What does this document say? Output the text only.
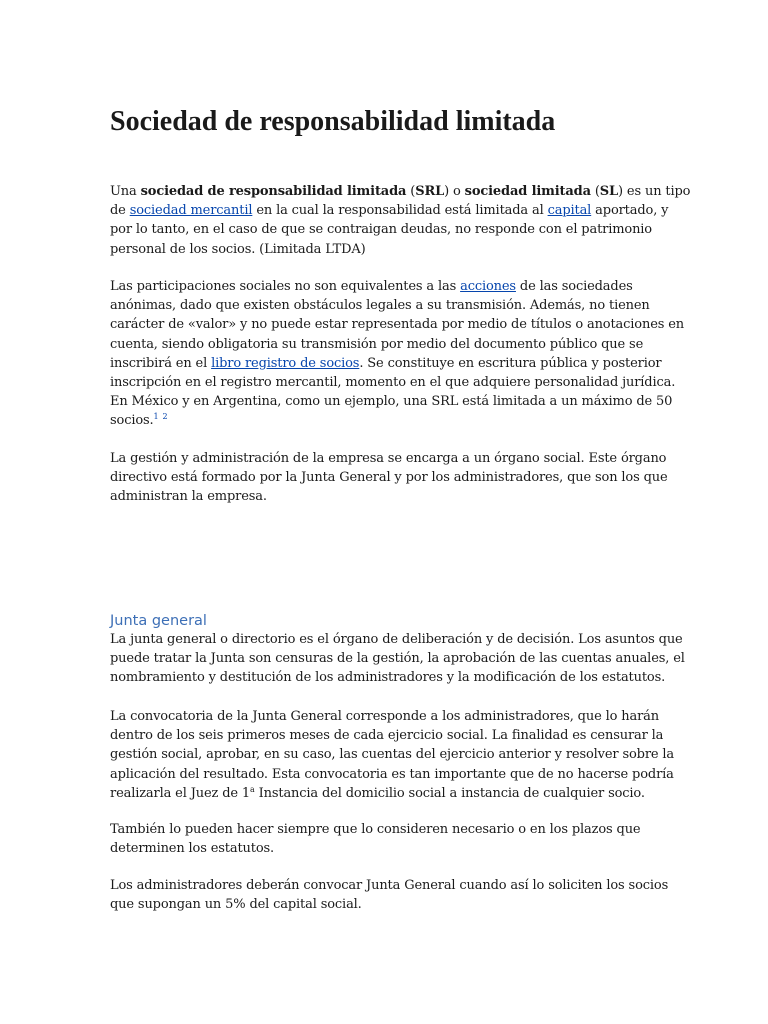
Sociedad de responsabilidad limitada

Una sociedad de responsabilidad limitada (SRL) o sociedad limitada (SL) es un tipo
de sociedad mercantil en la cual la responsabilidad está limitada al capital aportado, y
por lo tanto, en el caso de que se contraigan deudas, no responde con el patrimonio
personal de los socios. (Limitada LTDA)

Las participaciones sociales no son equivalentes a las acciones de las sociedades
anónimas, dado que existen obstáculos legales a su transmisión. Además, no tienen
carácter de «valor» y no puede estar representada por medio de títulos o anotaciones en
cuenta, siendo obligatoria su transmisión por medio del documento público que se
inscribirá en el libro registro de socios. Se constituye en escritura pública y posterior
inscripción en el registro mercantil, momento en el que adquiere personalidad jurídica.
En México y en Argentina, como un ejemplo, una SRL está limitada a un máximo de 50
socios.$^1$ $^2$

La gestión y administración de la empresa se encarga a un órgano social. Este órgano
directivo está formado por la Junta General y por los administradores, que son los que
administran la empresa.

Junta general

La junta general o directorio es el órgano de deliberación y de decisión. Los asuntos que
puede tratar la Junta son censuras de la gestión, la aprobación de las cuentas anuales, el
nombramiento y destitución de los administradores y la modificación de los estatutos.

La convocatoria de la Junta General corresponde a los administradores, que lo harán
dentro de los seis primeros meses de cada ejercicio social. La finalidad es censurar la
gestión social, aprobar, en su caso, las cuentas del ejercicio anterior y resolver sobre la
aplicación del resultado. Esta convocatoria es tan importante que de no hacerse podría
realizarla el Juez de 1$^a$ Instancia del domicilio social a instancia de cualquier socio.

También lo pueden hacer siempre que lo consideren necesario o en los plazos que
determinen los estatutos.

Los administradores deberán convocar Junta General cuando así lo soliciten los socios
que supongan un 5% del capital social.
